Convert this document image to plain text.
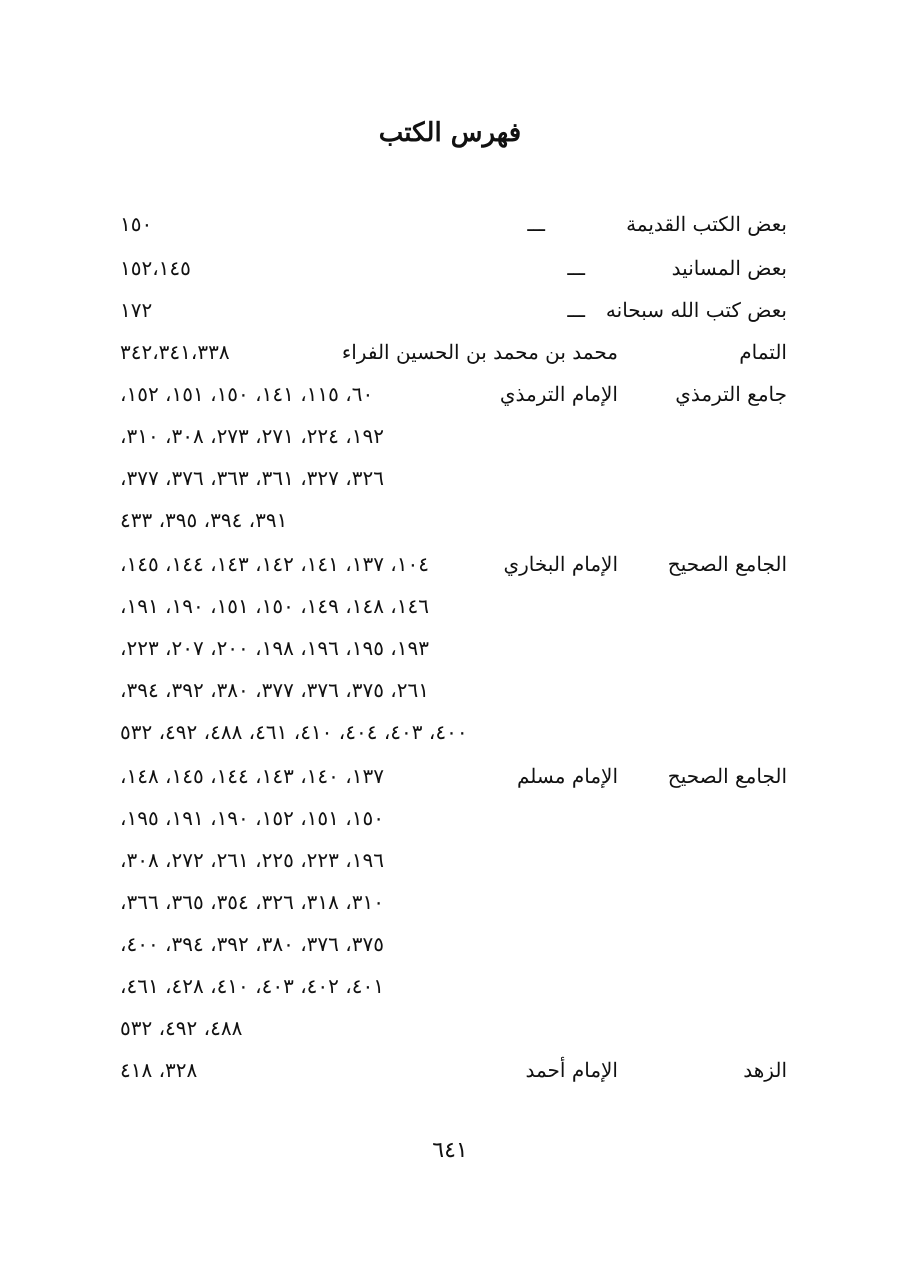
فهرس الكتب
بعض الكتب القديمة
ـــ
١٥٠
بعض المسانيد
ـــ
١٥٢،١٤٥
بعض كتب الله سبحانه
ـــ
١٧٢
التمام
محمد بن محمد بن الحسين الفراء
٣٤٢،٣٤١،٣٣٨
جامع الترمذي
الإمام الترمذي
٦٠، ١١٥، ١٤١، ١٥٠، ١٥١، ١٥٢،
١٩٢، ٢٢٤، ٢٧١، ٢٧٣، ٣٠٨، ٣١٠،
٣٢٦، ٣٢٧، ٣٦١، ٣٦٣، ٣٧٦، ٣٧٧،
٣٩١، ٣٩٤، ٣٩٥، ٤٣٣
الجامع الصحيح
الإمام البخاري
١٠٤، ١٣٧، ١٤١، ١٤٢، ١٤٣، ١٤٤، ١٤٥،
١٤٦، ١٤٨، ١٤٩، ١٥٠، ١٥١، ١٩٠، ١٩١،
١٩٣، ١٩٥، ١٩٦، ١٩٨، ٢٠٠، ٢٠٧، ٢٢٣،
٢٦١، ٣٧٥، ٣٧٦، ٣٧٧، ٣٨٠، ٣٩٢، ٣٩٤،
٤٠٠، ٤٠٣، ٤٠٤، ٤١٠، ٤٦١، ٤٨٨، ٤٩٢، ٥٣٢
الجامع الصحيح
الإمام مسلم
١٣٧، ١٤٠، ١٤٣، ١٤٤، ١٤٥، ١٤٨،
١٥٠، ١٥١، ١٥٢، ١٩٠، ١٩١، ١٩٥،
١٩٦، ٢٢٣، ٢٢٥، ٢٦١، ٢٧٢، ٣٠٨،
٣١٠، ٣١٨، ٣٢٦، ٣٥٤، ٣٦٥، ٣٦٦،
٣٧٥، ٣٧٦، ٣٨٠، ٣٩٢، ٣٩٤، ٤٠٠،
٤٠١، ٤٠٢، ٤٠٣، ٤١٠، ٤٢٨، ٤٦١،
٤٨٨، ٤٩٢، ٥٣٢
الزهد
الإمام أحمد
٣٢٨، ٤١٨
٦٤١
